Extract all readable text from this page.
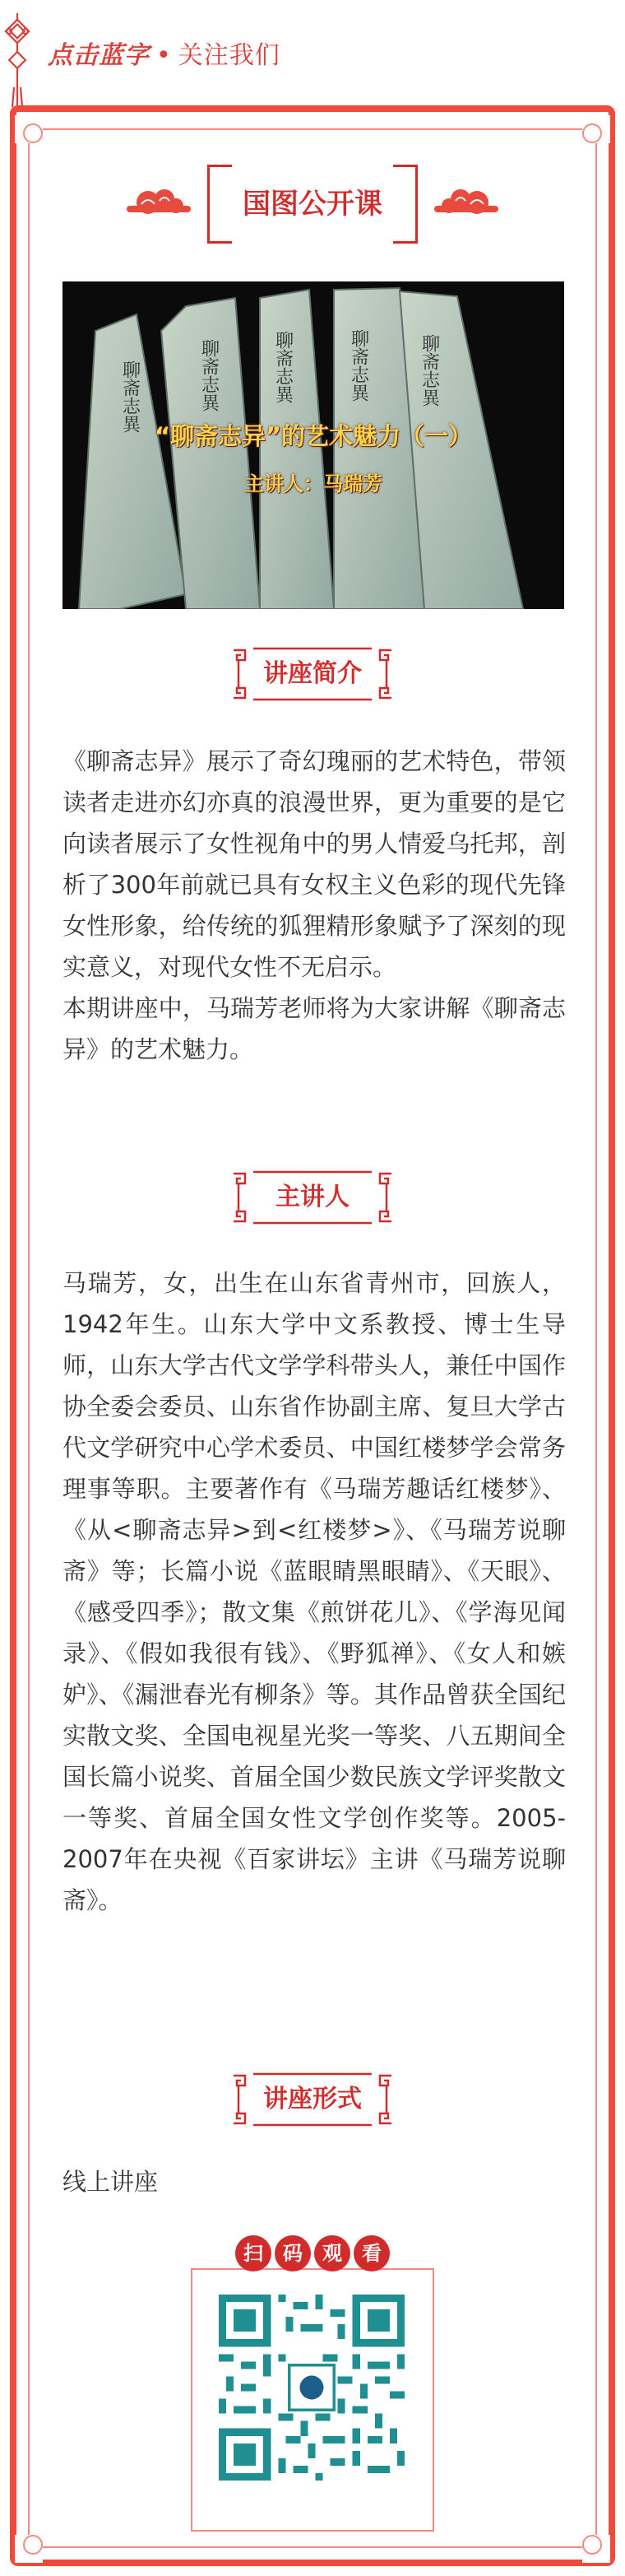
点击蓝字 • 关注我们
国图公开课
聊斋志異	聊斋志異	聊斋志異	聊斋志異	聊斋志異
“聊斋志异”的艺术魅力（一）
主讲人：马瑞芳
讲座简介

《聊斋志异》展示了奇幻瑰丽的艺术特色，带领读者走进亦幻亦真的浪漫世界，更为重要的是它向读者展示了女性视角中的男人情爱乌托邦，剖析了300年前就已具有女权主义色彩的现代先锋女性形象，给传统的狐狸精形象赋予了深刻的现实意义，对现代女性不无启示。

本期讲座中，马瑞芳老师将为大家讲解《聊斋志异》的艺术魅力。

主讲人

马瑞芳，女，出生在山东省青州市，回族人，1942年生。山东大学中文系教授、博士生导师，山东大学古代文学学科带头人，兼任中国作协全委会委员、山东省作协副主席、复旦大学古代文学研究中心学术委员、中国红楼梦学会常务理事等职。主要著作有《马瑞芳趣话红楼梦》、《从<聊斋志异>到<红楼梦>》、《马瑞芳说聊斋》等；长篇小说《蓝眼睛黑眼睛》、《天眼》、《感受四季》；散文集《煎饼花儿》、《学海见闻录》、《假如我很有钱》、《野狐禅》、《女人和嫉妒》、《漏泄春光有柳条》等。其作品曾获全国纪实散文奖、全国电视星光奖一等奖、八五期间全国长篇小说奖、首届全国少数民族文学评奖散文一等奖、首届全国女性文学创作奖等。2005-2007年在央视《百家讲坛》主讲《马瑞芳说聊斋》。

讲座形式

线上讲座

扫	码	观	看
